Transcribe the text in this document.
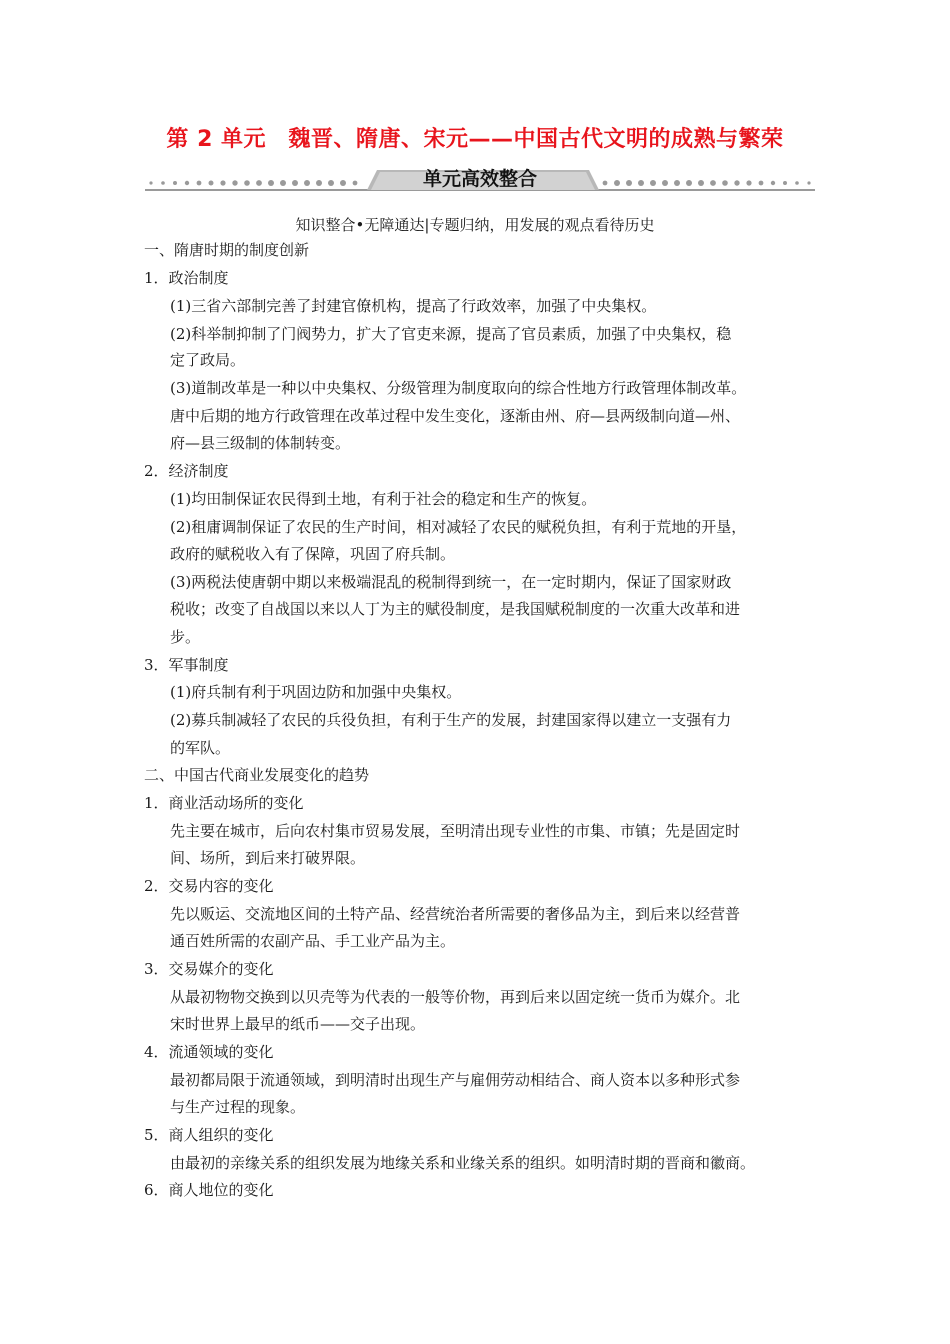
第 2 单元　魏晋、隋唐、宋元——中国古代文明的成熟与繁荣
单元高效整合
知识整合•无障通达|专题归纳，用发展的观点看待历史
一、隋唐时期的制度创新
1．政治制度
(1)三省六部制完善了封建官僚机构，提高了行政效率，加强了中央集权。
(2)科举制抑制了门阀势力，扩大了官吏来源，提高了官员素质，加强了中央集权，稳
定了政局。
(3)道制改革是一种以中央集权、分级管理为制度取向的综合性地方行政管理体制改革。
唐中后期的地方行政管理在改革过程中发生变化，逐渐由州、府—县两级制向道—州、
府—县三级制的体制转变。
2．经济制度
(1)均田制保证农民得到土地，有利于社会的稳定和生产的恢复。
(2)租庸调制保证了农民的生产时间，相对减轻了农民的赋税负担，有利于荒地的开垦，
政府的赋税收入有了保障，巩固了府兵制。
(3)两税法使唐朝中期以来极端混乱的税制得到统一，在一定时期内，保证了国家财政
税收；改变了自战国以来以人丁为主的赋役制度，是我国赋税制度的一次重大改革和进
步。
3．军事制度
(1)府兵制有利于巩固边防和加强中央集权。
(2)募兵制减轻了农民的兵役负担，有利于生产的发展，封建国家得以建立一支强有力
的军队。
二、中国古代商业发展变化的趋势
1．商业活动场所的变化
先主要在城市，后向农村集市贸易发展，至明清出现专业性的市集、市镇；先是固定时
间、场所，到后来打破界限。
2．交易内容的变化
先以贩运、交流地区间的土特产品、经营统治者所需要的奢侈品为主，到后来以经营普
通百姓所需的农副产品、手工业产品为主。
3．交易媒介的变化
从最初物物交换到以贝壳等为代表的一般等价物，再到后来以固定统一货币为媒介。北
宋时世界上最早的纸币——交子出现。
4．流通领域的变化
最初都局限于流通领域，到明清时出现生产与雇佣劳动相结合、商人资本以多种形式参
与生产过程的现象。
5．商人组织的变化
由最初的亲缘关系的组织发展为地缘关系和业缘关系的组织。如明清时期的晋商和徽商。
6．商人地位的变化
